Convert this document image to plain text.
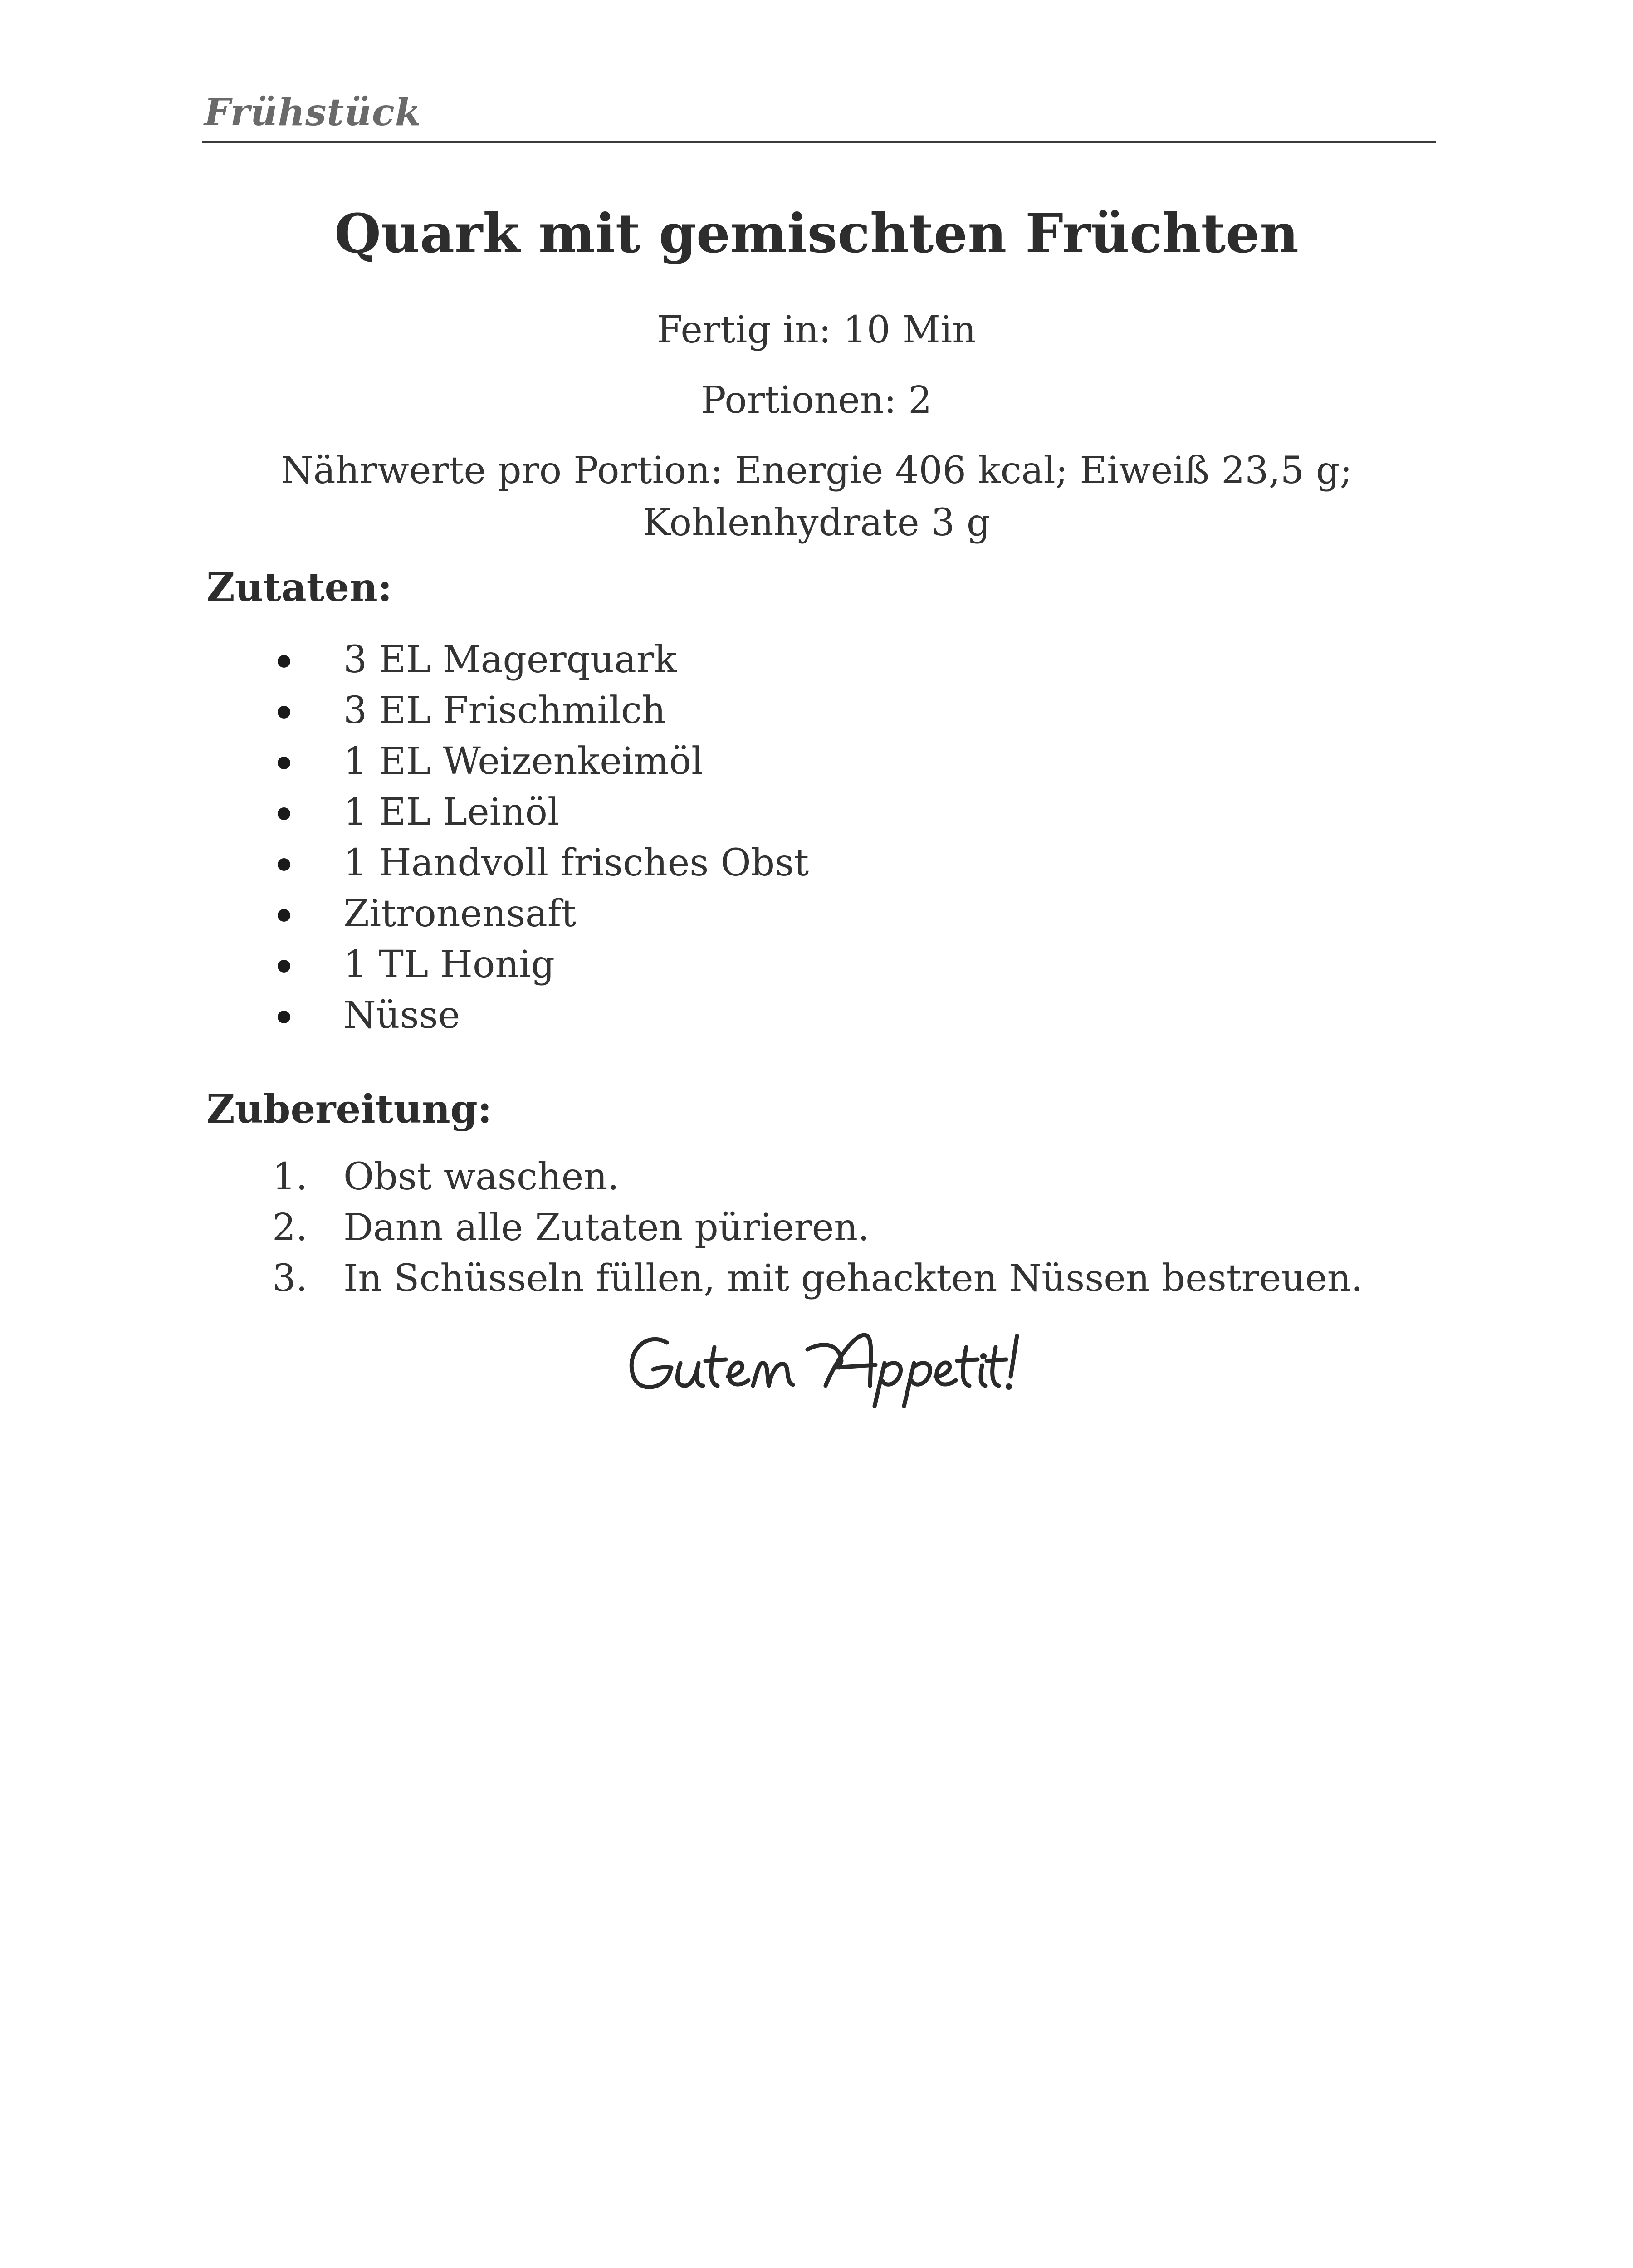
Frühstück
Quark mit gemischten Früchten
Fertig in: 10 Min
Portionen: 2
Nährwerte pro Portion: Energie 406 kcal; Eiweiß 23,5 g;
Kohlenhydrate 3 g
Zutaten:
3 EL Magerquark
3 EL Frischmilch
1 EL Weizenkeimöl
1 EL Leinöl
1 Handvoll frisches Obst
Zitronensaft
1 TL Honig
Nüsse
Zubereitung:
1. Obst waschen.
2. Dann alle Zutaten pürieren.
3. In Schüsseln füllen, mit gehackten Nüssen bestreuen.
